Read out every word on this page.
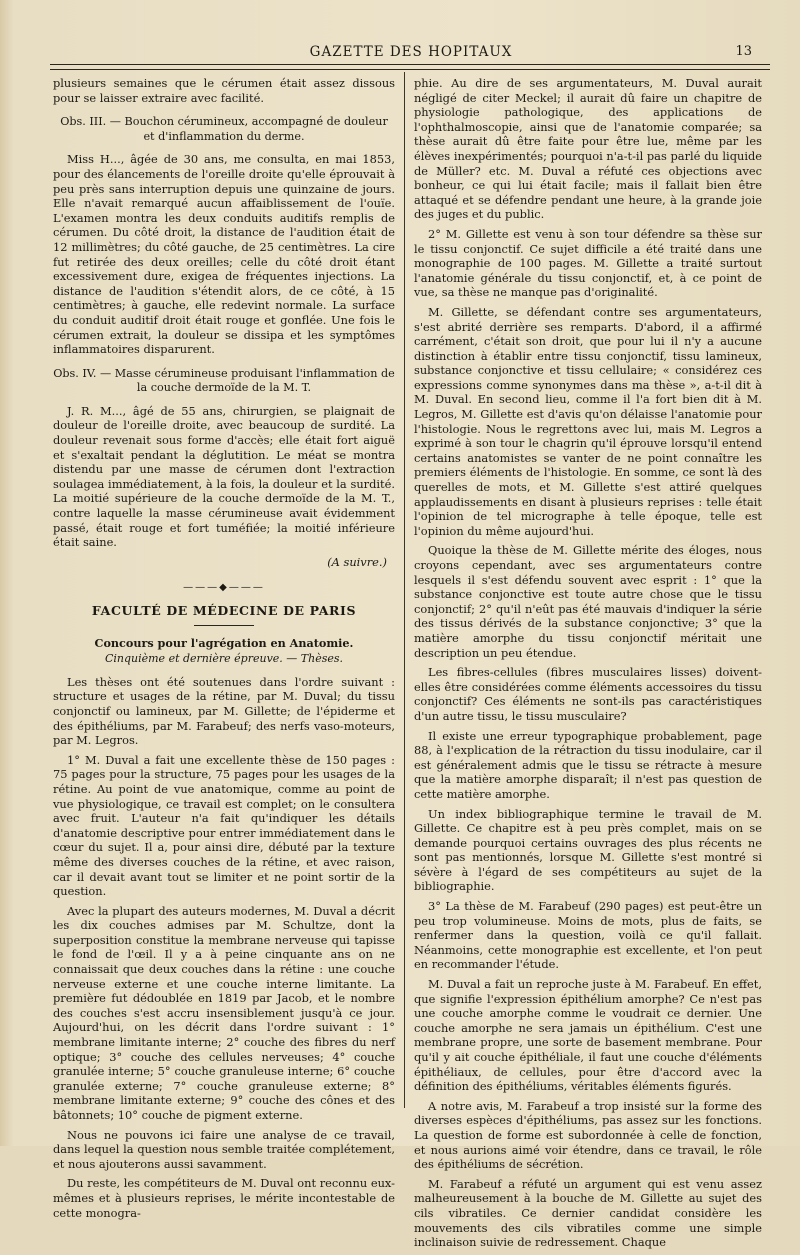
GAZETTE DES HOPITAUX	13

plusieurs semaines que le cérumen était assez dissous pour se laisser extraire avec facilité.

Obs. III. — Bouchon cérumineux, accompagné de douleur et d'inflammation du derme.

Miss H..., âgée de 30 ans, me consulta, en mai 1853, pour des élancements de l'oreille droite qu'elle éprouvait à peu près sans interruption depuis une quinzaine de jours. Elle n'avait remarqué aucun affaiblissement de l'ouïe. L'examen montra les deux conduits auditifs remplis de cérumen. Du côté droit, la distance de l'audition était de 12 millimètres; du côté gauche, de 25 centimètres. La cire fut retirée des deux oreilles; celle du côté droit étant excessivement dure, exigea de fréquentes injections. La distance de l'audition s'étendit alors, de ce côté, à 15 centimètres; à gauche, elle redevint normale. La surface du conduit auditif droit était rouge et gonflée. Une fois le cérumen extrait, la douleur se dissipa et les symptômes inflammatoires disparurent.

Obs. IV. — Masse cérumineuse produisant l'inflammation de la couche dermoïde de la M. T.

J. R. M..., âgé de 55 ans, chirurgien, se plaignait de douleur de l'oreille droite, avec beaucoup de surdité. La douleur revenait sous forme d'accès; elle était fort aiguë et s'exaltait pendant la déglutition. Le méat se montra distendu par une masse de cérumen dont l'extraction soulagea immédiatement, à la fois, la douleur et la surdité. La moitié supérieure de la couche dermoïde de la M. T., contre laquelle la masse cérumineuse avait évidemment passé, était rouge et fort tuméfiée; la moitié inférieure était saine.

(A suivre.)
———◆———
FACULTÉ DE MÉDECINE DE PARIS
Concours pour l'agrégation en Anatomie.
Cinquième et dernière épreuve. — Thèses.

Les thèses ont été soutenues dans l'ordre suivant : structure et usages de la rétine, par M. Duval; du tissu conjonctif ou lamineux, par M. Gillette; de l'épiderme et des épithéliums, par M. Farabeuf; des nerfs vaso-moteurs, par M. Legros.

1° M. Duval a fait une excellente thèse de 150 pages : 75 pages pour la structure, 75 pages pour les usages de la rétine. Au point de vue anatomique, comme au point de vue physiologique, ce travail est complet; on le consultera avec fruit. L'auteur n'a fait qu'indiquer les détails d'anatomie descriptive pour entrer immédiatement dans le cœur du sujet. Il a, pour ainsi dire, débuté par la texture même des diverses couches de la rétine, et avec raison, car il devait avant tout se limiter et ne point sortir de la question.

Avec la plupart des auteurs modernes, M. Duval a décrit les dix couches admises par M. Schultze, dont la superposition constitue la membrane nerveuse qui tapisse le fond de l'œil. Il y a à peine cinquante ans on ne connaissait que deux couches dans la rétine : une couche nerveuse externe et une couche interne limitante. La première fut dédoublée en 1819 par Jacob, et le nombre des couches s'est accru insensiblement jusqu'à ce jour. Aujourd'hui, on les décrit dans l'ordre suivant : 1° membrane limitante interne; 2° couche des fibres du nerf optique; 3° couche des cellules nerveuses; 4° couche granulée interne; 5° couche granuleuse interne; 6° couche granulée externe; 7° couche granuleuse externe; 8° membrane limitante externe; 9° couche des cônes et des bâtonnets; 10° couche de pigment externe.

Nous ne pouvons ici faire une analyse de ce travail, dans lequel la question nous semble traitée complétement, et nous ajouterons aussi savamment.

Du reste, les compétiteurs de M. Duval ont reconnu eux-mêmes et à plusieurs reprises, le mérite incontestable de cette monogra-

phie. Au dire de ses argumentateurs, M. Duval aurait négligé de citer Meckel; il aurait dû faire un chapitre de physiologie pathologique, des applications de l'ophthalmoscopie, ainsi que de l'anatomie comparée; sa thèse aurait dû être faite pour être lue, même par les élèves inexpérimentés; pourquoi n'a-t-il pas parlé du liquide de Müller? etc. M. Duval a réfuté ces objections avec bonheur, ce qui lui était facile; mais il fallait bien être attaqué et se défendre pendant une heure, à la grande joie des juges et du public.

2° M. Gillette est venu à son tour défendre sa thèse sur le tissu conjonctif. Ce sujet difficile a été traité dans une monographie de 100 pages. M. Gillette a traité surtout l'anatomie générale du tissu conjonctif, et, à ce point de vue, sa thèse ne manque pas d'originalité.

M. Gillette, se défendant contre ses argumentateurs, s'est abrité derrière ses remparts. D'abord, il a affirmé carrément, c'était son droit, que pour lui il n'y a aucune distinction à établir entre tissu conjonctif, tissu lamineux, substance conjonctive et tissu cellulaire; « considérez ces expressions comme synonymes dans ma thèse », a-t-il dit à M. Duval. En second lieu, comme il l'a fort bien dit à M. Legros, M. Gillette est d'avis qu'on délaisse l'anatomie pour l'histologie. Nous le regrettons avec lui, mais M. Legros a exprimé à son tour le chagrin qu'il éprouve lorsqu'il entend certains anatomistes se vanter de ne point connaître les premiers éléments de l'histologie. En somme, ce sont là des querelles de mots, et M. Gillette s'est attiré quelques applaudissements en disant à plusieurs reprises : telle était l'opinion de tel micrographe à telle époque, telle est l'opinion du même aujourd'hui.

Quoique la thèse de M. Gillette mérite des éloges, nous croyons cependant, avec ses argumentateurs contre lesquels il s'est défendu souvent avec esprit : 1° que la substance conjonctive est toute autre chose que le tissu conjonctif; 2° qu'il n'eût pas été mauvais d'indiquer la série des tissus dérivés de la substance conjonctive; 3° que la matière amorphe du tissu conjonctif méritait une description un peu étendue.

Les fibres-cellules (fibres musculaires lisses) doivent-elles être considérées comme éléments accessoires du tissu conjonctif? Ces éléments ne sont-ils pas caractéristiques d'un autre tissu, le tissu musculaire?

Il existe une erreur typographique probablement, page 88, à l'explication de la rétraction du tissu inodulaire, car il est généralement admis que le tissu se rétracte à mesure que la matière amorphe disparaît; il n'est pas question de cette matière amorphe.

Un index bibliographique termine le travail de M. Gillette. Ce chapitre est à peu près complet, mais on se demande pourquoi certains ouvrages des plus récents ne sont pas mentionnés, lorsque M. Gillette s'est montré si sévère à l'égard de ses compétiteurs au sujet de la bibliographie.

3° La thèse de M. Farabeuf (290 pages) est peut-être un peu trop volumineuse. Moins de mots, plus de faits, se renfermer dans la question, voilà ce qu'il fallait. Néanmoins, cette monographie est excellente, et l'on peut en recommander l'étude.

M. Duval a fait un reproche juste à M. Farabeuf. En effet, que signifie l'expression épithélium amorphe? Ce n'est pas une couche amorphe comme le voudrait ce dernier. Une couche amorphe ne sera jamais un épithélium. C'est une membrane propre, une sorte de basement membrane. Pour qu'il y ait couche épithéliale, il faut une couche d'éléments épithéliaux, de cellules, pour être d'accord avec la définition des épithéliums, véritables éléments figurés.

A notre avis, M. Farabeuf a trop insisté sur la forme des diverses espèces d'épithéliums, pas assez sur les fonctions. La question de forme est subordonnée à celle de fonction, et nous aurions aimé voir étendre, dans ce travail, le rôle des épithéliums de sécrétion.

M. Farabeuf a réfuté un argument qui est venu assez malheureusement à la bouche de M. Gillette au sujet des cils vibratiles. Ce dernier candidat considère les mouvements des cils vibratiles comme une simple inclinaison suivie de redressement. Chaque
